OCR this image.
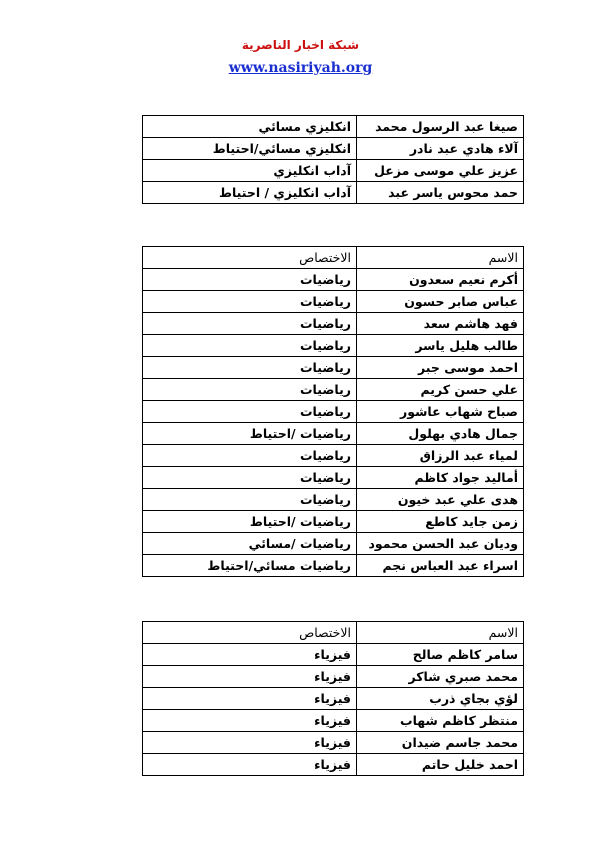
شبكة اخبار الناصرية
www.nasiriyah.org
صيغا عبد الرسول محمد	انكليزي مسائي
آلاء هادي عبد نادر	انكليزي مسائي/احتياط
عزيز علي موسى مزعل	آداب انكليزي
حمد محوس ياسر عبد	آداب انكليزي / احتياط
الاسم	الاختصاص
أكرم نعيم سعدون	رياضيات
عباس صابر حسون	رياضيات
فهد هاشم سعد	رياضيات
طالب هليل ياسر	رياضيات
احمد موسى جبر	رياضيات
علي حسن كريم	رياضيات
صباح شهاب عاشور	رياضيات
جمال هادي بهلول	رياضيات /احتياط
لمياء عبد الرزاق	رياضيات
أماليد جواد كاظم	رياضيات
هدى علي عبد خيون	رياضيات
زمن جايد كاطع	رياضيات /احتياط
وديان عبد الحسن محمود	رياضيات /مسائي
اسراء عبد العباس نجم	رياضيات مسائي/احتياط
الاسم	الاختصاص
سامر كاظم صالح	فيزياء
محمد صبري شاكر	فيزياء
لؤي بجاي ذرب	فيزياء
منتظر كاظم شهاب	فيزياء
محمد جاسم ضيدان	فيزياء
احمد خليل حاتم	فيزياء
